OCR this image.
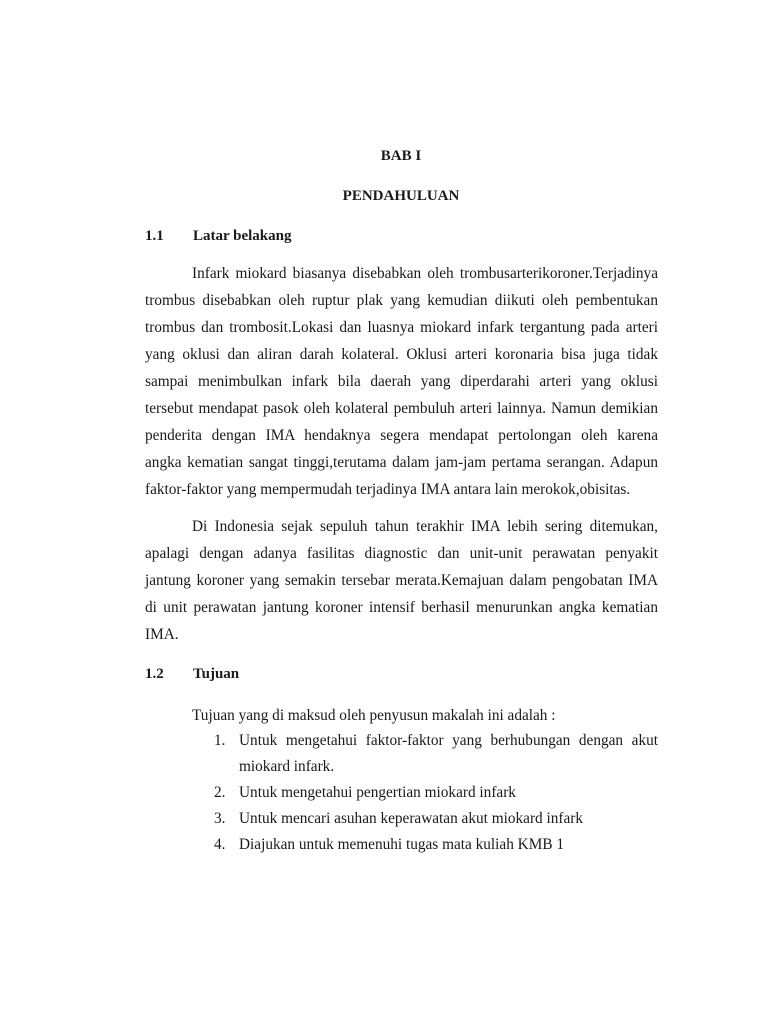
BAB I
PENDAHULUAN
1.1 Latar belakang
Infark miokard biasanya disebabkan oleh trombusarterikoroner.Terjadinya
trombus disebabkan oleh ruptur plak yang kemudian diikuti oleh pembentukan
trombus dan trombosit.Lokasi dan luasnya miokard infark tergantung pada arteri
yang oklusi dan aliran darah kolateral. Oklusi arteri koronaria bisa juga tidak
sampai menimbulkan infark bila daerah yang diperdarahi arteri yang oklusi
tersebut mendapat pasok oleh kolateral pembuluh arteri lainnya. Namun demikian
penderita dengan IMA hendaknya segera mendapat pertolongan oleh karena
angka kematian sangat tinggi,terutama dalam jam-jam pertama serangan. Adapun
faktor-faktor yang mempermudah terjadinya IMA antara lain merokok,obisitas.
Di Indonesia sejak sepuluh tahun terakhir IMA lebih sering ditemukan,
apalagi dengan adanya fasilitas diagnostic dan unit-unit perawatan penyakit
jantung koroner yang semakin tersebar merata.Kemajuan dalam pengobatan IMA
di unit perawatan jantung koroner intensif berhasil menurunkan angka kematian
IMA.
1.2 Tujuan
Tujuan yang di maksud oleh penyusun makalah ini adalah :
1. Untuk mengetahui faktor-faktor yang berhubungan dengan akut
miokard infark.
2. Untuk mengetahui pengertian miokard infark
3. Untuk mencari asuhan keperawatan akut miokard infark
4. Diajukan untuk memenuhi tugas mata kuliah KMB 1
